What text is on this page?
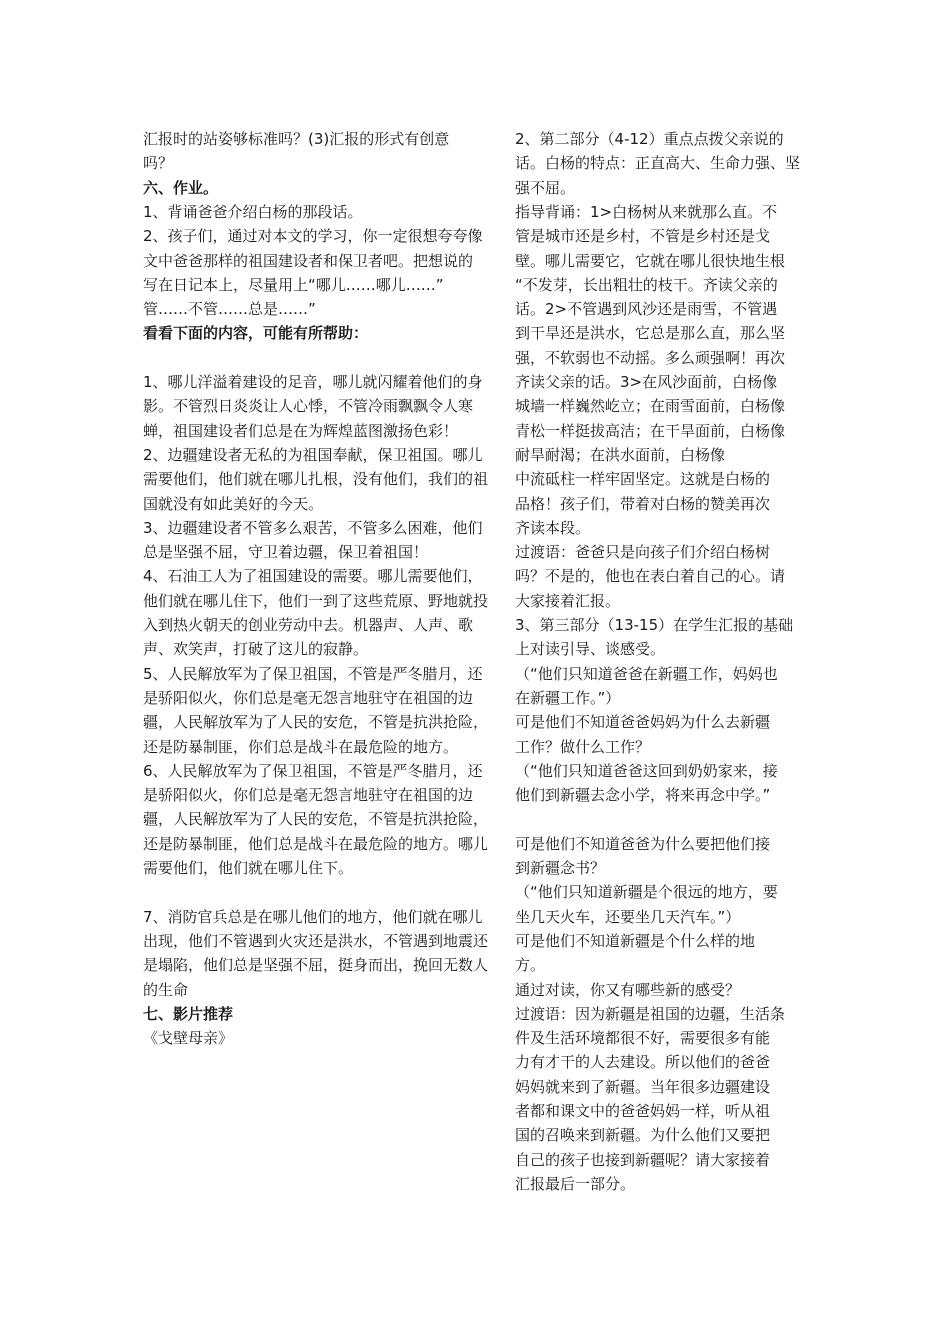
汇报时的站姿够标准吗？(3)汇报的形式有创意
吗？
六、作业。
1、背诵爸爸介绍白杨的那段话。
2、孩子们，通过对本文的学习，你一定很想夸夸像
文中爸爸那样的祖国建设者和保卫者吧。把想说的
写在日记本上，尽量用上“哪儿……哪儿……”
管……不管……总是……”
看看下面的内容，可能有所帮助：
1、哪儿洋溢着建设的足音，哪儿就闪耀着他们的身
影。不管烈日炎炎让人心悸，不管冷雨飘飘令人寒
蝉，祖国建设者们总是在为辉煌蓝图激扬色彩！
2、边疆建设者无私的为祖国奉献，保卫祖国。哪儿
需要他们，他们就在哪儿扎根，没有他们，我们的祖
国就没有如此美好的今天。
3、边疆建设者不管多么艰苦，不管多么困难，他们
总是坚强不屈，守卫着边疆，保卫着祖国！
4、石油工人为了祖国建设的需要。哪儿需要他们，
他们就在哪儿住下，他们一到了这些荒原、野地就投
入到热火朝天的创业劳动中去。机器声、人声、歌
声、欢笑声，打破了这儿的寂静。
5、人民解放军为了保卫祖国，不管是严冬腊月，还
是骄阳似火，你们总是毫无怨言地驻守在祖国的边
疆，人民解放军为了人民的安危，不管是抗洪抢险，
还是防暴制匪，你们总是战斗在最危险的地方。
6、人民解放军为了保卫祖国，不管是严冬腊月，还
是骄阳似火，你们总是毫无怨言地驻守在祖国的边
疆，人民解放军为了人民的安危，不管是抗洪抢险，
还是防暴制匪，他们总是战斗在最危险的地方。哪儿
需要他们，他们就在哪儿住下。
7、消防官兵总是在哪儿他们的地方，他们就在哪儿
出现，他们不管遇到火灾还是洪水，不管遇到地震还
是塌陷，他们总是坚强不屈，挺身而出，挽回无数人
的生命
七、影片推荐
《戈壁母亲》
2、第二部分（4-12）重点点拨父亲说的
话。白杨的特点：正直高大、生命力强、坚
强不屈。
指导背诵：1>白杨树从来就那么直。不
管是城市还是乡村，不管是乡村还是戈
壁。哪儿需要它，它就在哪儿很快地生根
“不发芽，长出粗壮的枝干。齐读父亲的
话。2>不管遇到风沙还是雨雪，不管遇
到干旱还是洪水，它总是那么直，那么坚
强，不软弱也不动摇。多么顽强啊！再次
齐读父亲的话。3>在风沙面前，白杨像
城墙一样巍然屹立；在雨雪面前，白杨像
青松一样挺拔高洁；在干旱面前，白杨像
耐旱耐渴；在洪水面前，白杨像
中流砥柱一样牢固坚定。这就是白杨的
品格！孩子们，带着对白杨的赞美再次
齐读本段。
过渡语：爸爸只是向孩子们介绍白杨树
吗？不是的，他也在表白着自己的心。请
大家接着汇报。
3、第三部分（13-15）在学生汇报的基础
上对读引导、谈感受。
（“他们只知道爸爸在新疆工作，妈妈也
在新疆工作。”）
可是他们不知道爸爸妈妈为什么去新疆
工作？做什么工作？
（“他们只知道爸爸这回到奶奶家来，接
他们到新疆去念小学，将来再念中学。”
可是他们不知道爸爸为什么要把他们接
到新疆念书？
（“他们只知道新疆是个很远的地方，要
坐几天火车，还要坐几天汽车。”）
可是他们不知道新疆是个什么样的地
方。
通过对读，你又有哪些新的感受？
过渡语：因为新疆是祖国的边疆，生活条
件及生活环境都很不好，需要很多有能
力有才干的人去建设。所以他们的爸爸
妈妈就来到了新疆。当年很多边疆建设
者都和课文中的爸爸妈妈一样，听从祖
国的召唤来到新疆。为什么他们又要把
自己的孩子也接到新疆呢？请大家接着
汇报最后一部分。
